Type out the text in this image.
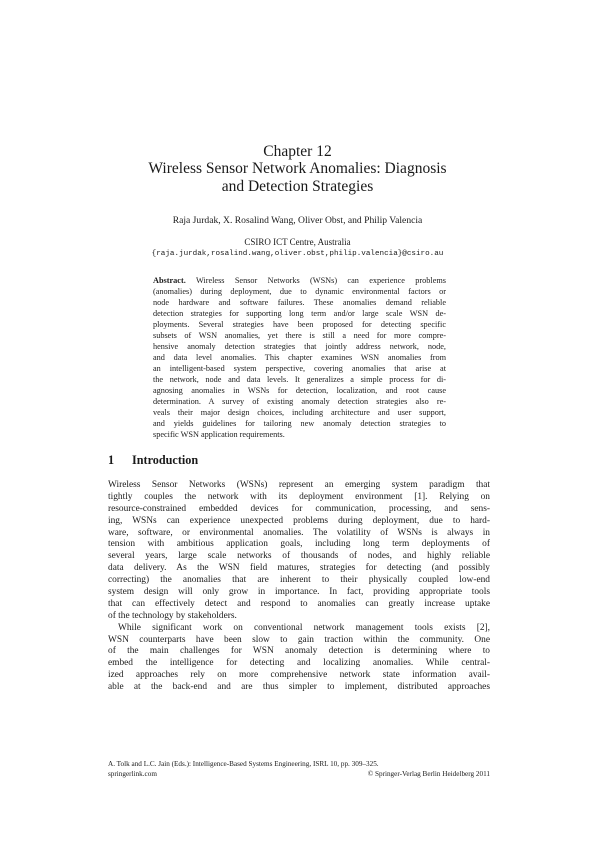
Chapter 12
Wireless Sensor Network Anomalies: Diagnosis
and Detection Strategies
Raja Jurdak, X. Rosalind Wang, Oliver Obst, and Philip Valencia
CSIRO ICT Centre, Australia
{raja.jurdak,rosalind.wang,oliver.obst,philip.valencia}@csiro.au
Abstract. Wireless Sensor Networks (WSNs) can experience problems
(anomalies) during deployment, due to dynamic environmental factors or
node hardware and software failures. These anomalies demand reliable
detection strategies for supporting long term and/or large scale WSN de-
ployments. Several strategies have been proposed for detecting specific
subsets of WSN anomalies, yet there is still a need for more compre-
hensive anomaly detection strategies that jointly address network, node,
and data level anomalies. This chapter examines WSN anomalies from
an intelligent-based system perspective, covering anomalies that arise at
the network, node and data levels. It generalizes a simple process for di-
agnosing anomalies in WSNs for detection, localization, and root cause
determination. A survey of existing anomaly detection strategies also re-
veals their major design choices, including architecture and user support,
and yields guidelines for tailoring new anomaly detection strategies to
specific WSN application requirements.
1 Introduction
Wireless Sensor Networks (WSNs) represent an emerging system paradigm that
tightly couples the network with its deployment environment [1]. Relying on
resource-constrained embedded devices for communication, processing, and sens-
ing, WSNs can experience unexpected problems during deployment, due to hard-
ware, software, or environmental anomalies. The volatility of WSNs is always in
tension with ambitious application goals, including long term deployments of
several years, large scale networks of thousands of nodes, and highly reliable
data delivery. As the WSN field matures, strategies for detecting (and possibly
correcting) the anomalies that are inherent to their physically coupled low-end
system design will only grow in importance. In fact, providing appropriate tools
that can effectively detect and respond to anomalies can greatly increase uptake
of the technology by stakeholders.
While significant work on conventional network management tools exists [2],
WSN counterparts have been slow to gain traction within the community. One
of the main challenges for WSN anomaly detection is determining where to
embed the intelligence for detecting and localizing anomalies. While central-
ized approaches rely on more comprehensive network state information avail-
able at the back-end and are thus simpler to implement, distributed approaches
A. Tolk and L.C. Jain (Eds.): Intelligence-Based Systems Engineering, ISRL 10, pp. 309–325.
springerlink.com	© Springer-Verlag Berlin Heidelberg 2011
